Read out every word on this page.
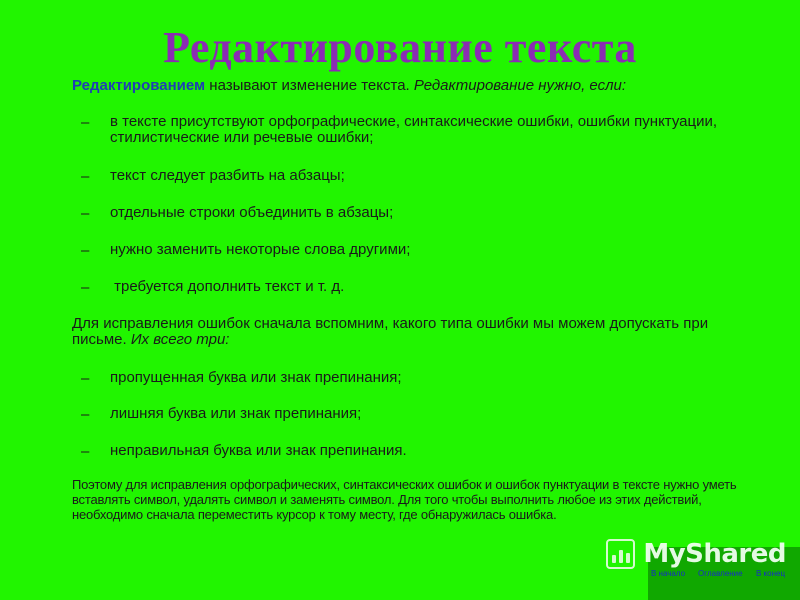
Редактирование текста
Редактированием называют изменение текста. Редактирование нужно, если:
– в тексте присутствуют орфографические, синтаксические ошибки, ошибки пунктуации, стилистические или речевые ошибки;
– текст следует разбить на абзацы;
– отдельные строки объединить в абзацы;
– нужно заменить некоторые слова другими;
– требуется дополнить текст и т. д.
Для исправления ошибок сначала вспомним, какого типа ошибки мы можем допускать при письме. Их всего три:
– пропущенная буква или знак препинания;
– лишняя буква или знак препинания;
– неправильная буква или знак препинания.
Поэтому для исправления орфографических, синтаксических ошибок и ошибок пунктуации в тексте нужно уметь вставлять символ, удалять символ и заменять символ. Для того чтобы выполнить любое из этих действий, необходимо сначала переместить курсор к тому месту, где обнаружилась ошибка.
В начало Оглавление В конец
MyShared
